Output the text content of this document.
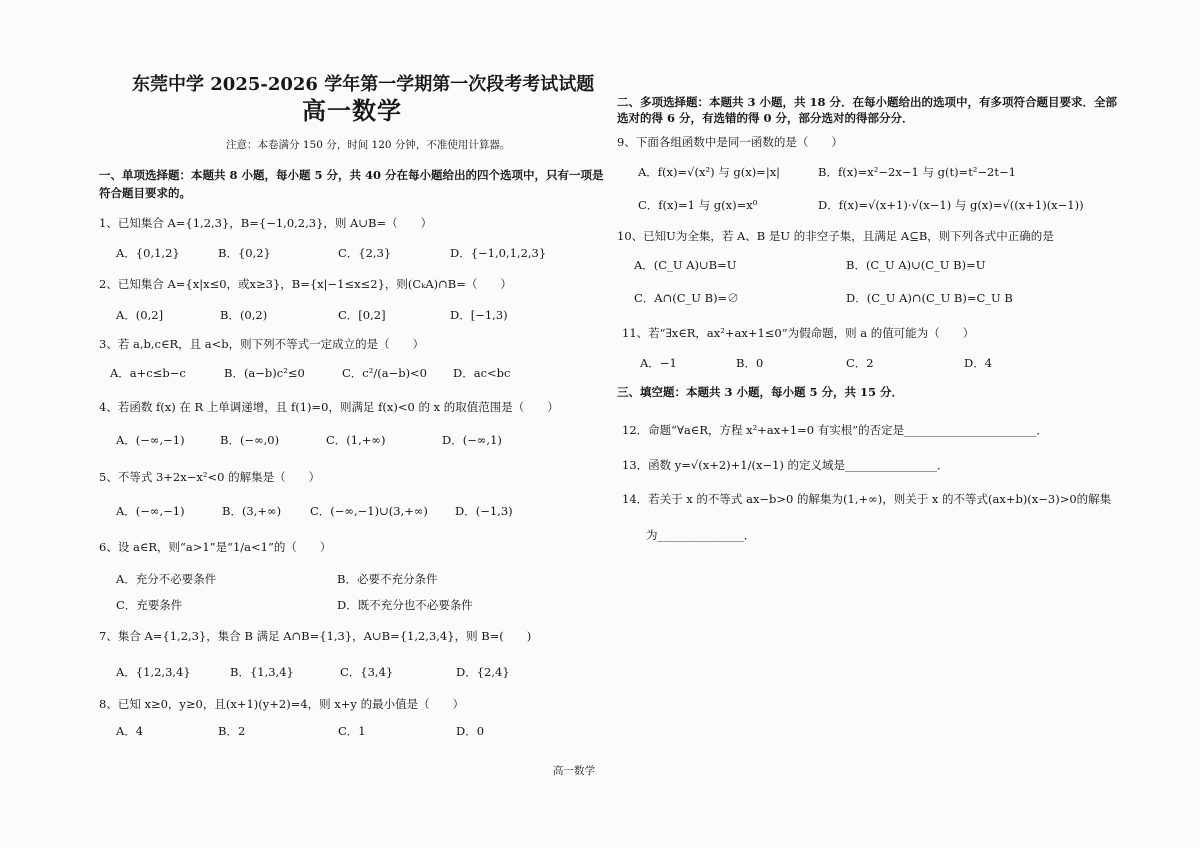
东莞中学 2025-2026 学年第一学期第一次段考考试试题
高一数学
注意：本卷满分 150 分，时间 120 分钟，不准使用计算器。
一、单项选择题：本题共 8 小题，每小题 5 分，共 40 分在每小题给出的四个选项中，只有一项是
符合题目要求的。
1、已知集合 A={1,2,3}，B={−1,0,2,3}，则 A∪B=（　　）
A．{0,1,2}	B．{0,2}	C．{2,3}	D．{−1,0,1,2,3}
2、已知集合 A={x|x≤0，或x≥3}，B={x|−1≤x≤2}，则(CₖA)∩B=（　　）
A．(0,2]	B．(0,2)	C．[0,2]	D．[−1,3)
3、若 a,b,c∈R，且 a<b，则下列不等式一定成立的是（　　）
A．a+c≤b−c	B．(a−b)c²≤0	C．c²/(a−b)<0 D．ac<bc
4、若函数 f(x) 在 R 上单调递增，且 f(1)=0，则满足 f(x)<0 的 x 的取值范围是（　　）
A．(−∞,−1)	B．(−∞,0)	C．(1,+∞)	D．(−∞,1)
5、不等式 3+2x−x²<0 的解集是（　　）
A．(−∞,−1)	B．(3,+∞)	C．(−∞,−1)∪(3,+∞) D．(−1,3)
6、设 a∈R，则“a>1”是“1/a<1”的（　　）
A．充分不必要条件	B．必要不充分条件
C．充要条件	D．既不充分也不必要条件
7、集合 A={1,2,3}，集合 B 满足 A∩B={1,3}，A∪B={1,2,3,4}，则 B=(　　)
A．{1,2,3,4}	B．{1,3,4}	C．{3,4}	D．{2,4}
8、已知 x≥0，y≥0，且(x+1)(y+2)=4，则 x+y 的最小值是（　　）
A．4	B．2	C．1	D．0
二、多项选择题：本题共 3 小题，共 18 分．在每小题给出的选项中，有多项符合题目要求．全部
选对的得 6 分，有选错的得 0 分，部分选对的得部分分．
9、下面各组函数中是同一函数的是（　　）
A．f(x)=√(x²) 与 g(x)=|x|	B．f(x)=x²−2x−1 与 g(t)=t²−2t−1
C．f(x)=1 与 g(x)=x⁰	D．f(x)=√(x+1)·√(x−1) 与 g(x)=√((x+1)(x−1))
10、已知U为全集，若 A、B 是U 的非空子集，且满足 A⊆B，则下列各式中正确的是
A．(C_U A)∪B=U	B．(C_U A)∪(C_U B)=U
C．A∩(C_U B)=∅	D．(C_U A)∩(C_U B)=C_U B
11、若“∃x∈R，ax²+ax+1≤0”为假命题，则 a 的值可能为（　　）
A．−1	B．0	C．2	D．4
三、填空题：本题共 3 小题，每小题 5 分，共 15 分．
12．命题“∀a∈R，方程 x²+ax+1=0 有实根”的否定是_______________________．
13．函数 y=√(x+2)+1/(x−1) 的定义域是________________．
14．若关于 x 的不等式 ax−b>0 的解集为(1,+∞)，则关于 x 的不等式(ax+b)(x−3)>0的解集
为_______________．
高一数学
